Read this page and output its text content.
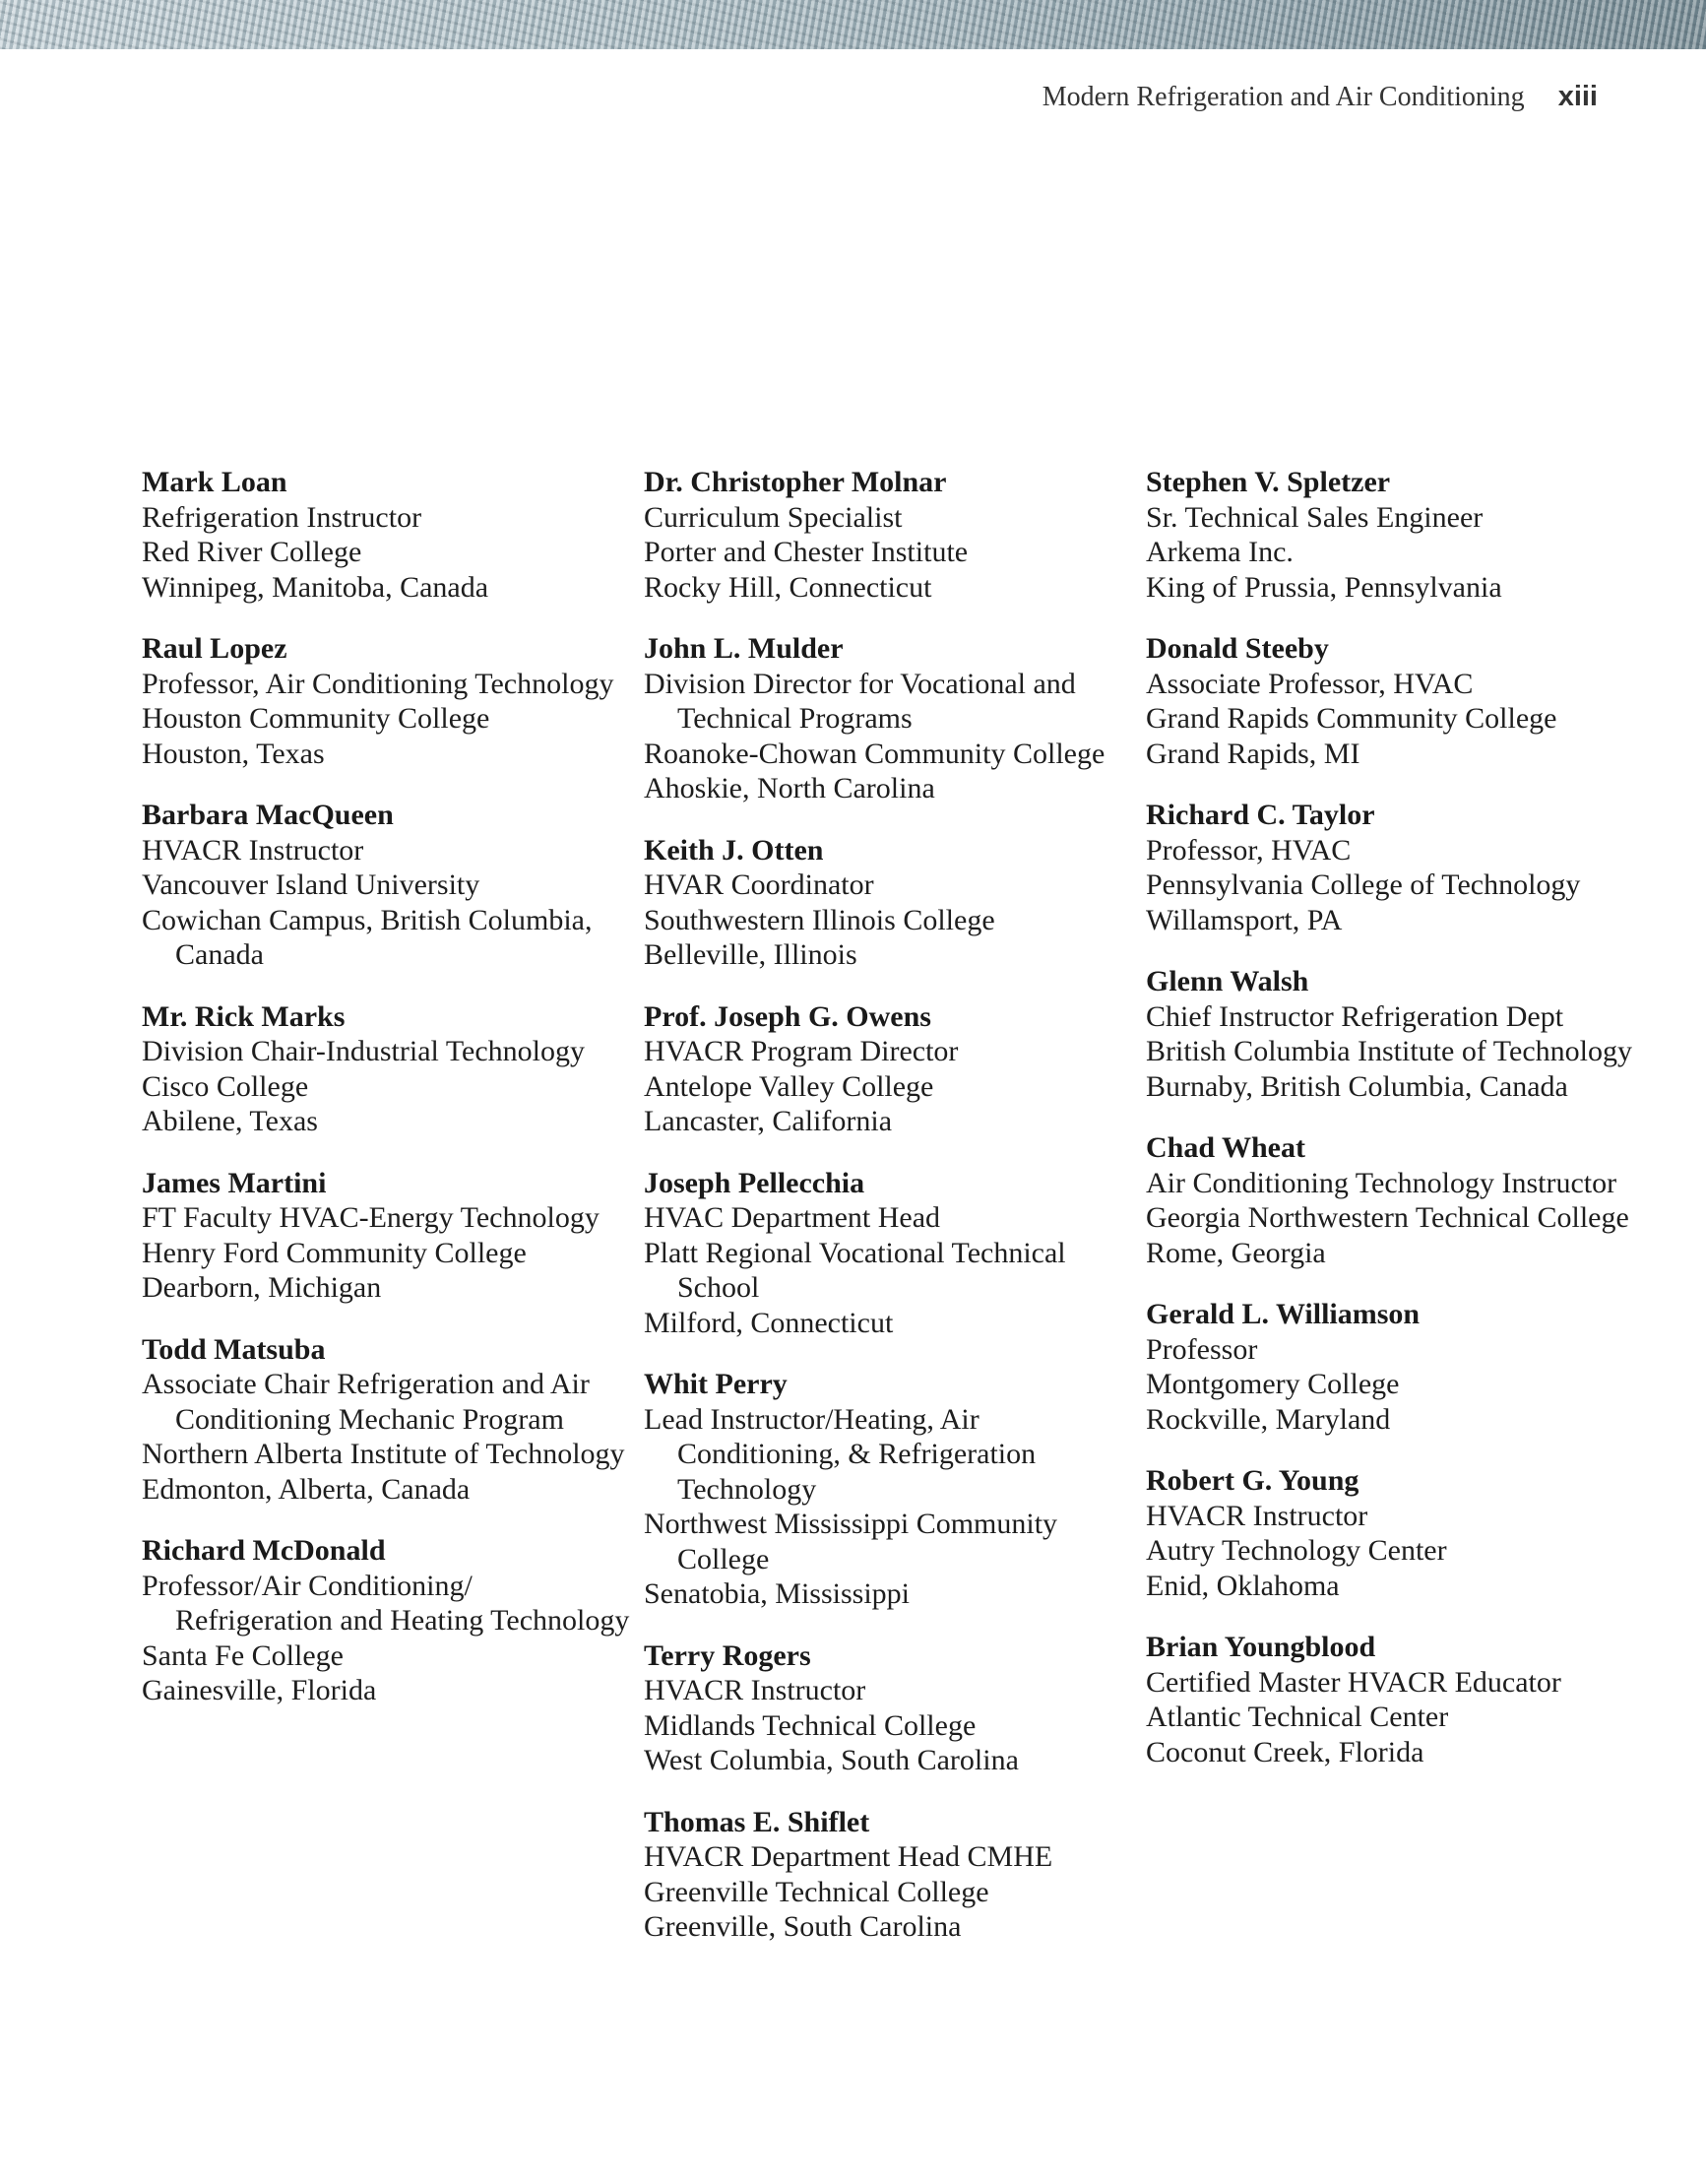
Modern Refrigeration and Air Conditioning xiii
Mark Loan
Refrigeration Instructor
Red River College
Winnipeg, Manitoba, Canada
Raul Lopez
Professor, Air Conditioning Technology
Houston Community College
Houston, Texas
Barbara MacQueen
HVACR Instructor
Vancouver Island University
Cowichan Campus, British Columbia, Canada
Mr. Rick Marks
Division Chair-Industrial Technology
Cisco College
Abilene, Texas
James Martini
FT Faculty HVAC-Energy Technology
Henry Ford Community College
Dearborn, Michigan
Todd Matsuba
Associate Chair Refrigeration and Air Conditioning Mechanic Program
Northern Alberta Institute of Technology
Edmonton, Alberta, Canada
Richard McDonald
Professor/Air Conditioning/ Refrigeration and Heating Technology
Santa Fe College
Gainesville, Florida
Dr. Christopher Molnar
Curriculum Specialist
Porter and Chester Institute
Rocky Hill, Connecticut
John L. Mulder
Division Director for Vocational and Technical Programs
Roanoke-Chowan Community College
Ahoskie, North Carolina
Keith J. Otten
HVAR Coordinator
Southwestern Illinois College
Belleville, Illinois
Prof. Joseph G. Owens
HVACR Program Director
Antelope Valley College
Lancaster, California
Joseph Pellecchia
HVAC Department Head
Platt Regional Vocational Technical School
Milford, Connecticut
Whit Perry
Lead Instructor/Heating, Air Conditioning, & Refrigeration Technology
Northwest Mississippi Community College
Senatobia, Mississippi
Terry Rogers
HVACR Instructor
Midlands Technical College
West Columbia, South Carolina
Thomas E. Shiflet
HVACR Department Head CMHE
Greenville Technical College
Greenville, South Carolina
Stephen V. Spletzer
Sr. Technical Sales Engineer
Arkema Inc.
King of Prussia, Pennsylvania
Donald Steeby
Associate Professor, HVAC
Grand Rapids Community College
Grand Rapids, MI
Richard C. Taylor
Professor, HVAC
Pennsylvania College of Technology
Willamsport, PA
Glenn Walsh
Chief Instructor Refrigeration Dept
British Columbia Institute of Technology
Burnaby, British Columbia, Canada
Chad Wheat
Air Conditioning Technology Instructor
Georgia Northwestern Technical College
Rome, Georgia
Gerald L. Williamson
Professor
Montgomery College
Rockville, Maryland
Robert G. Young
HVACR Instructor
Autry Technology Center
Enid, Oklahoma
Brian Youngblood
Certified Master HVACR Educator
Atlantic Technical Center
Coconut Creek, Florida
